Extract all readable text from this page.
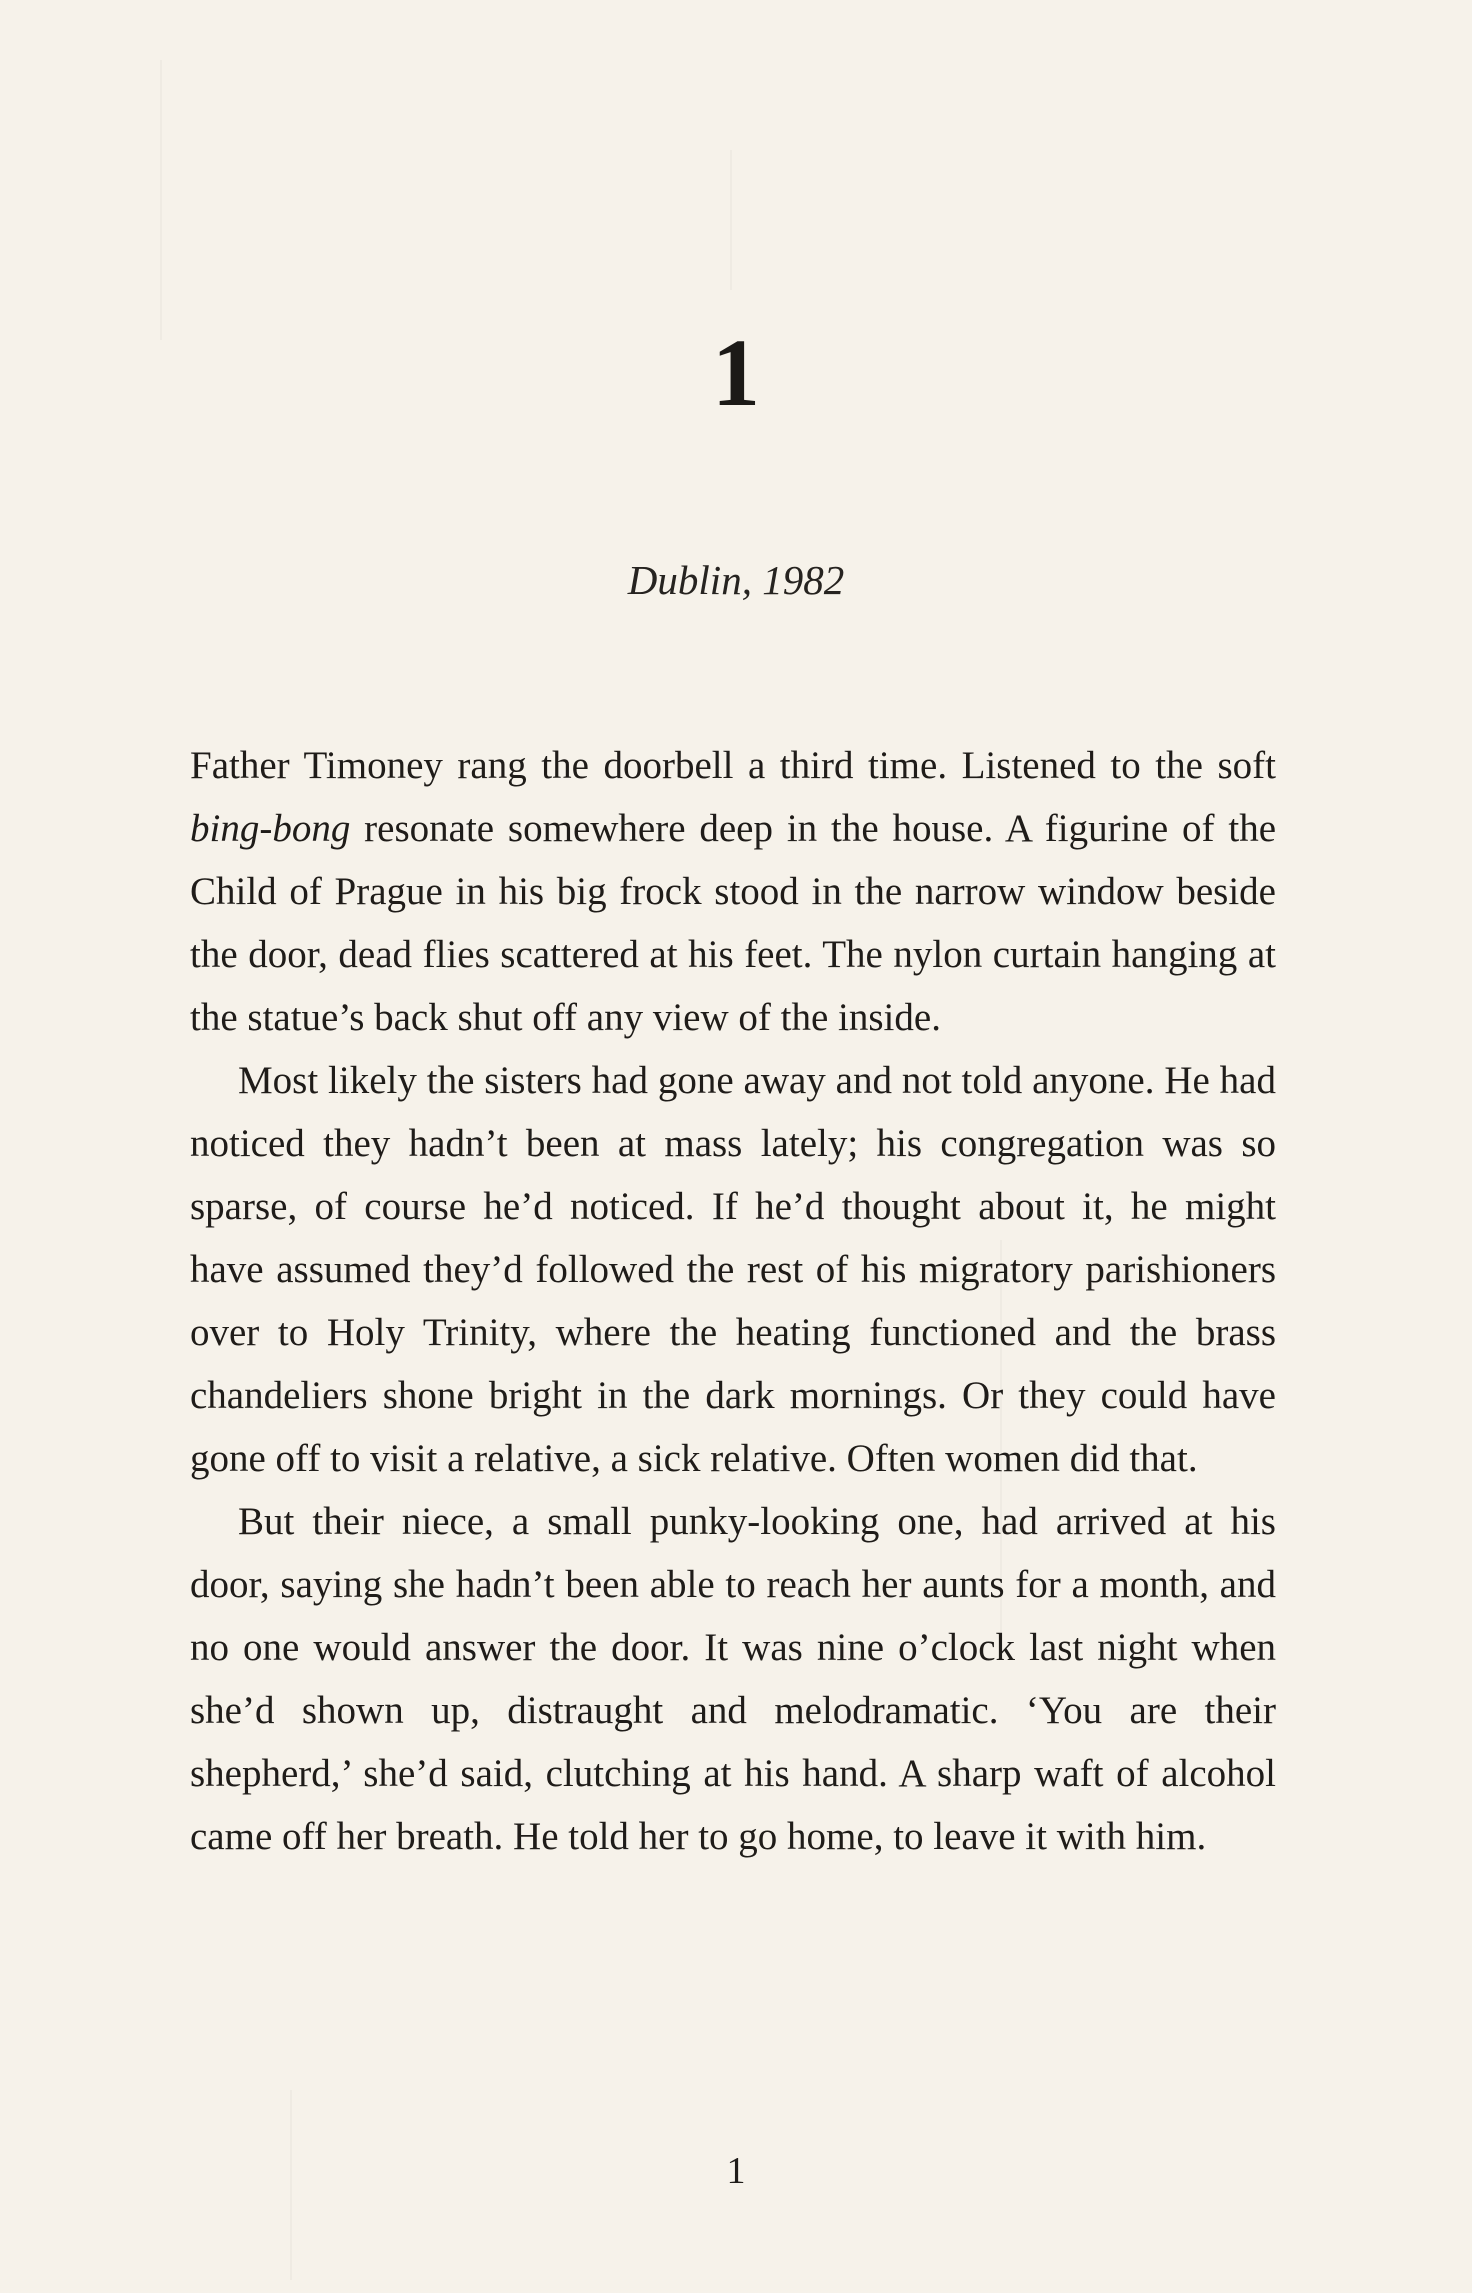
1
Dublin, 1982

Father Timoney rang the doorbell a third time. Listened to the soft bing-bong resonate somewhere deep in the house. A figurine of the Child of Prague in his big frock stood in the narrow window beside the door, dead flies scattered at his feet. The nylon curtain hanging at the statue’s back shut off any view of the inside.

Most likely the sisters had gone away and not told anyone. He had noticed they hadn’t been at mass lately; his congregation was so sparse, of course he’d noticed. If he’d thought about it, he might have assumed they’d followed the rest of his migratory parishioners over to Holy Trinity, where the heating functioned and the brass chandeliers shone bright in the dark mornings. Or they could have gone off to visit a relative, a sick relative. Often women did that.

But their niece, a small punky-looking one, had arrived at his door, saying she hadn’t been able to reach her aunts for a month, and no one would answer the door. It was nine o’clock last night when she’d shown up, distraught and melodramatic. ‘You are their shepherd,’ she’d said, clutching at his hand. A sharp waft of alcohol came off her breath. He told her to go home, to leave it with him.

1
